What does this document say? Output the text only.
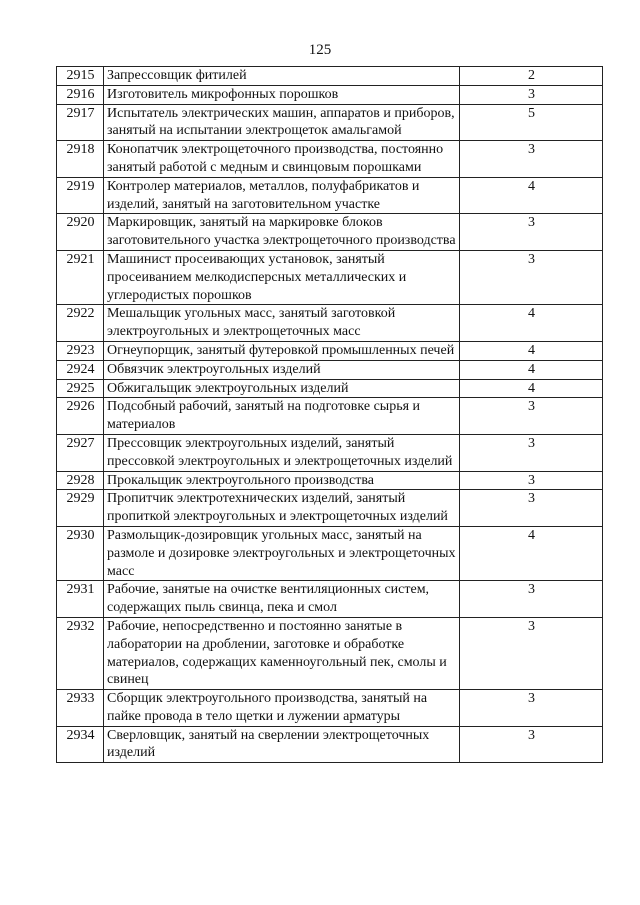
125
2915	Запрессовщик фитилей	2
2916	Изготовитель микрофонных порошков	3
2917	Испытатель электрических машин, аппаратов и приборов, занятый на испытании электрощеток амальгамой	5
2918	Конопатчик электрощеточного производства, постоянно занятый работой с медным и свинцовым порошками	3
2919	Контролер материалов, металлов, полуфабрикатов и изделий, занятый на заготовительном участке	4
2920	Маркировщик, занятый на маркировке блоков заготовительного участка электрощеточного производства	3
2921	Машинист просеивающих установок, занятый просеиванием мелкодисперсных металлических и углеродистых порошков	3
2922	Мешальщик угольных масс, занятый заготовкой электроугольных и электрощеточных масс	4
2923	Огнеупорщик, занятый футеровкой промышленных печей	4
2924	Обвязчик электроугольных изделий	4
2925	Обжигальщик электроугольных изделий	4
2926	Подсобный рабочий, занятый на подготовке сырья и материалов	3
2927	Прессовщик электроугольных изделий, занятый прессовкой электроугольных и электрощеточных изделий	3
2928	Прокальщик электроугольного производства	3
2929	Пропитчик электротехнических изделий, занятый пропиткой электроугольных и электрощеточных изделий	3
2930	Размольщик-дозировщик угольных масс, занятый на размоле и дозировке электроугольных и электрощеточных масс	4
2931	Рабочие, занятые на очистке вентиляционных систем, содержащих пыль свинца, пека и смол	3
2932	Рабочие, непосредственно и постоянно занятые в лаборатории на дроблении, заготовке и обработке материалов, содержащих каменноугольный пек, смолы и свинец	3
2933	Сборщик электроугольного производства, занятый на пайке провода в тело щетки и лужении арматуры	3
2934	Сверловщик, занятый на сверлении электрощеточных изделий	3
